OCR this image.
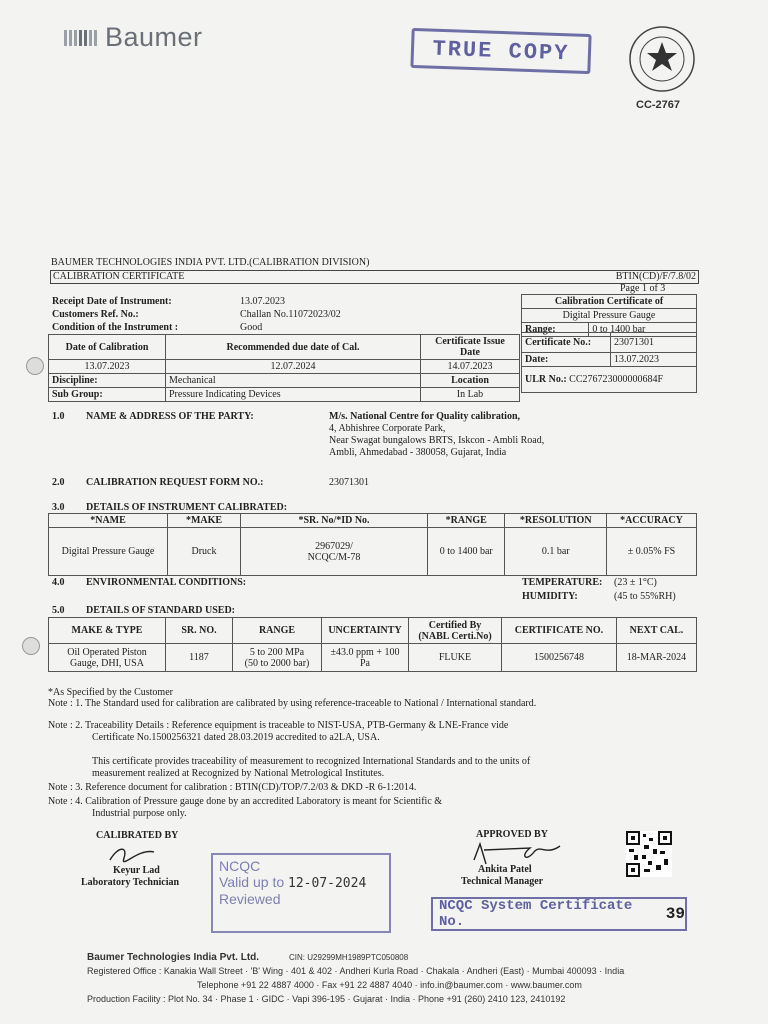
Baumer	TRUE COPY
CC-2767
BAUMER TECHNOLOGIES INDIA PVT. LTD.(CALIBRATION DIVISION)
CALIBRATION CERTIFICATE	BTIN(CD)/F/7.8/02
Page 1 of 3
Receipt Date of Instrument:	13.07.2023
Customers Ref. No.:	Challan No.11072023/02
Condition of the Instrument :	Good
Calibration Certificate of
Digital Pressure Gauge
Range:	0 to 1400 bar
Certificate No.:	23071301
Date:	13.07.2023
ULR No.: CC276723000000684F	
Date of Calibration	Recommended due date of Cal.	Certificate Issue Date
13.07.2023	12.07.2024	14.07.2023
Discipline:	Mechanical	Location
Sub Group:	Pressure Indicating Devices	In Lab
1.0 NAME & ADDRESS OF THE PARTY:	M/s. National Centre for Quality calibration,
4, Abhishree Corporate Park,
Near Swagat bungalows BRTS, Iskcon - Ambli Road,
Ambli, Ahmedabad - 380058, Gujarat, India
2.0 CALIBRATION REQUEST FORM NO.:	23071301
3.0 DETAILS OF INSTRUMENT CALIBRATED:
*NAME	*MAKE	*SR. No/*ID No.	*RANGE	*RESOLUTION	*ACCURACY
Digital Pressure Gauge	Druck	2967029/
NCQC/M-78	0 to 1400 bar	0.1 bar	± 0.05% FS
4.0 ENVIRONMENTAL CONDITIONS:	TEMPERATURE: (23 ± 1°C)
HUMIDITY:	(45 to 55%RH)
5.0 DETAILS OF STANDARD USED:
MAKE & TYPE	SR. NO.	RANGE	UNCERTAINTY	Certified By (NABL Certi.No)	CERTIFICATE NO.	NEXT CAL.
Oil Operated Piston Gauge, DHI, USA	1187	5 to 200 MPa
(50 to 2000 bar)	±43.0 ppm + 100 Pa	FLUKE	1500256748	18-MAR-2024
*As Specified by the Customer
Note : 1. The Standard used for calibration are calibrated by using reference-traceable to National / International standard.
Note : 2. Traceability Details : Reference equipment is traceable to NIST-USA, PTB-Germany & LNE-France vide
Certificate No.1500256321 dated 28.03.2019 accredited to a2LA, USA.
This certificate provides traceability of measurement to recognized International Standards and to the units of
measurement realized at Recognized by National Metrological Institutes.
Note : 3. Reference document for calibration : BTIN(CD)/TOP/7.2/03 & DKD -R 6-1:2014.
Note : 4. Calibration of Pressure gauge done by an accredited Laboratory is meant for Scientific &
Industrial purpose only.
CALIBRATED BY
Keyur Lad
Laboratory Technician
APPROVED BY
Ankita Patel
Technical Manager
NCQC
Valid up to 12-07-2024
Reviewed	NCQC System Certificate No.	39
Baumer Technologies India Pvt. Ltd.	CIN: U29299MH1989PTC050808
Registered Office : Kanakia Wall Street · 'B' Wing · 401 & 402 · Andheri Kurla Road · Chakala · Andheri (East) · Mumbai 400093 · India
Telephone +91 22 4887 4000 · Fax +91 22 4887 4040 · info.in@baumer.com · www.baumer.com
Production Facility : Plot No. 34 · Phase 1 · GIDC · Vapi 396-195 · Gujarat · India · Phone +91 (260) 2410 123, 2410192
